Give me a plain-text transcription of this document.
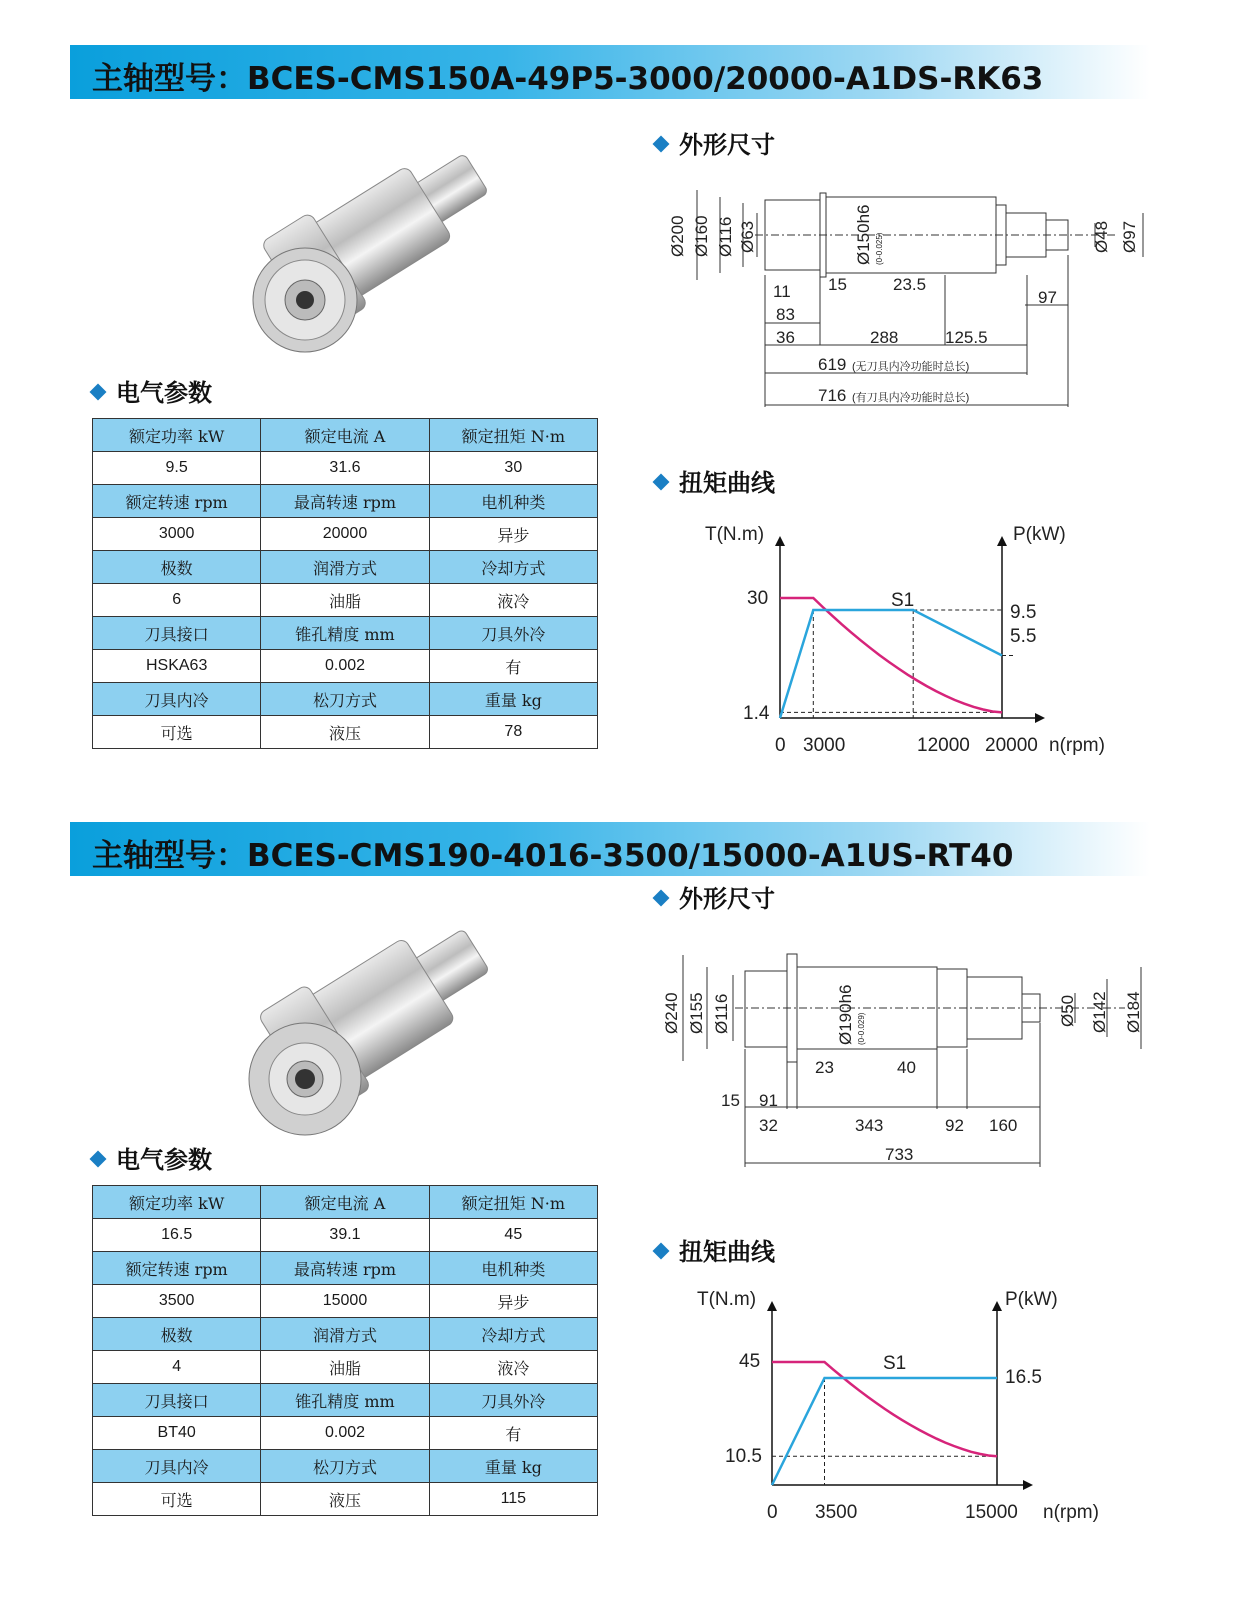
主轴型号：BCES-CMS150A-49P5-3000/20000-A1DS-RK63
外形尺寸
电气参数
额定功率 kW	额定电流 A	额定扭矩 N·m
9.5	31.6	30
额定转速 rpm	最高转速 rpm	电机种类
3000	20000	异步
极数	润滑方式	冷却方式
6	油脂	液冷
刀具接口	锥孔精度 mm	刀具外冷
HSKA63	0.002	有
刀具内冷	松刀方式	重量 kg
可选	液压	78
Ø200 Ø160 Ø116 Ø63	Ø150h6 (0-0.025)	Ø48 Ø97
11 15	23.5
83
97
36	288	125.5
619 (无刀具内冷功能时总长)
716 (有刀具内冷功能时总长)
扭矩曲线
T(N.m)	P(kW)
n(rpm)
30
1.4
9.5
5.5
0 3000	12000 20000
S1
主轴型号：BCES-CMS190-4016-3500/15000-A1US-RT40
外形尺寸
电气参数
额定功率 kW	额定电流 A	额定扭矩 N·m
16.5	39.1	45
额定转速 rpm	最高转速 rpm	电机种类
3500	15000	异步
极数	润滑方式	冷却方式
4	油脂	液冷
刀具接口	锥孔精度 mm	刀具外冷
BT40	0.002	有
刀具内冷	松刀方式	重量 kg
可选	液压	115
Ø240 Ø155 Ø116	Ø190h6 (0-0.029)
Ø50 Ø142 Ø184
23	40
15 91
32	343	92 160
733
扭矩曲线
T(N.m)	P(kW)
n(rpm)
45
10.5
16.5
0 3500	15000
S1
